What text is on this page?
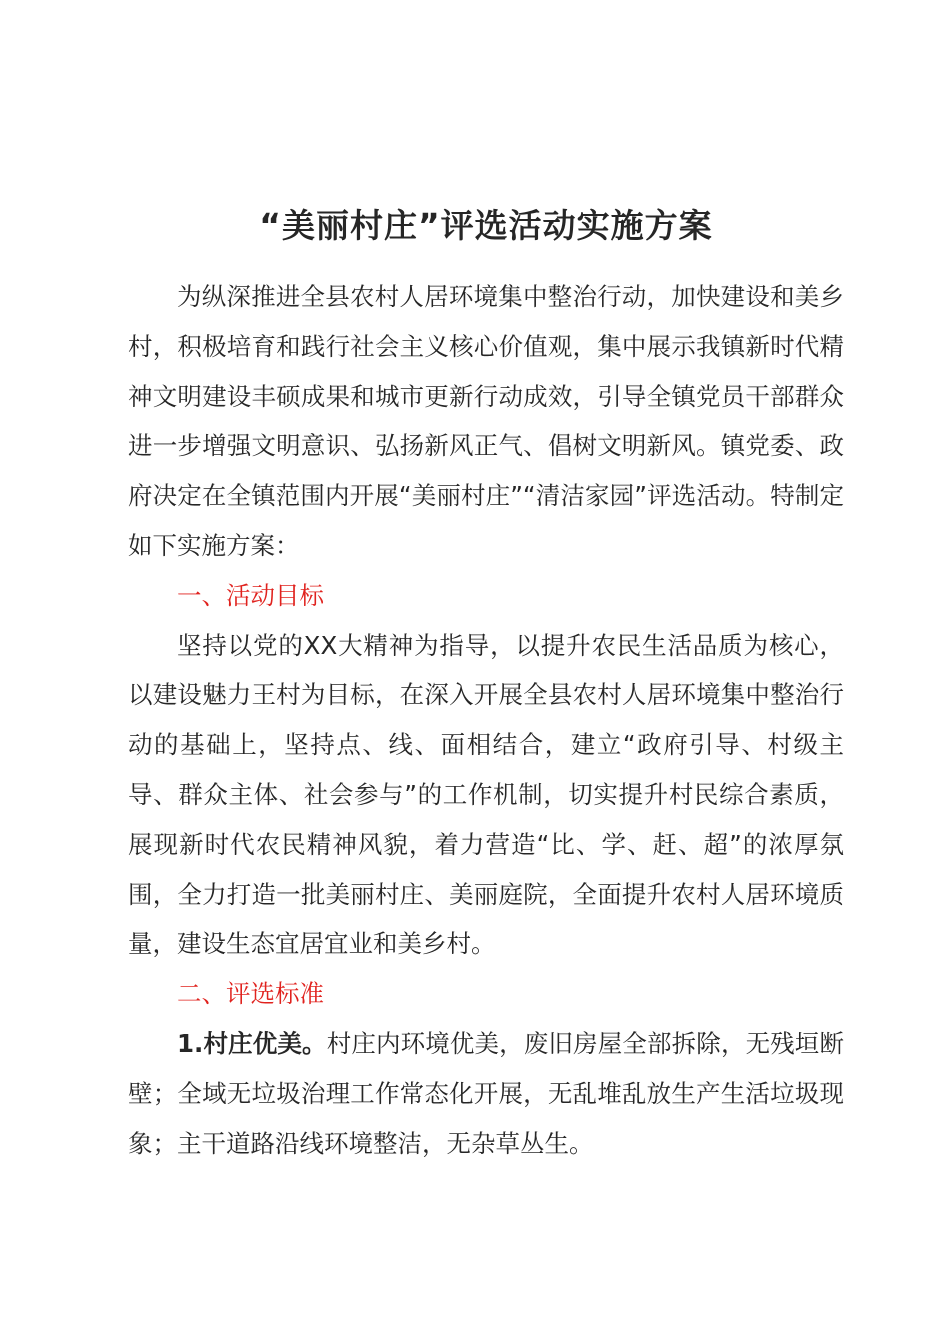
“美丽村庄”评选活动实施方案

为纵深推进全县农村人居环境集中整治行动，加快建设和美乡村，积极培育和践行社会主义核心价值观，集中展示我镇新时代精神文明建设丰硕成果和城市更新行动成效，引导全镇党员干部群众进一步增强文明意识、弘扬新风正气、倡树文明新风。镇党委、政府决定在全镇范围内开展“美丽村庄”“清洁家园”评选活动。特制定如下实施方案：

一、活动目标

坚持以党的XX大精神为指导，以提升农民生活品质为核心，以建设魅力王村为目标，在深入开展全县农村人居环境集中整治行动的基础上，坚持点、线、面相结合，建立“政府引导、村级主导、群众主体、社会参与”的工作机制，切实提升村民综合素质，展现新时代农民精神风貌，着力营造“比、学、赶、超”的浓厚氛围，全力打造一批美丽村庄、美丽庭院，全面提升农村人居环境质量，建设生态宜居宜业和美乡村。

二、评选标准

1.村庄优美。村庄内环境优美，废旧房屋全部拆除，无残垣断壁；全域无垃圾治理工作常态化开展，无乱堆乱放生产生活垃圾现象；主干道路沿线环境整洁，无杂草丛生。
